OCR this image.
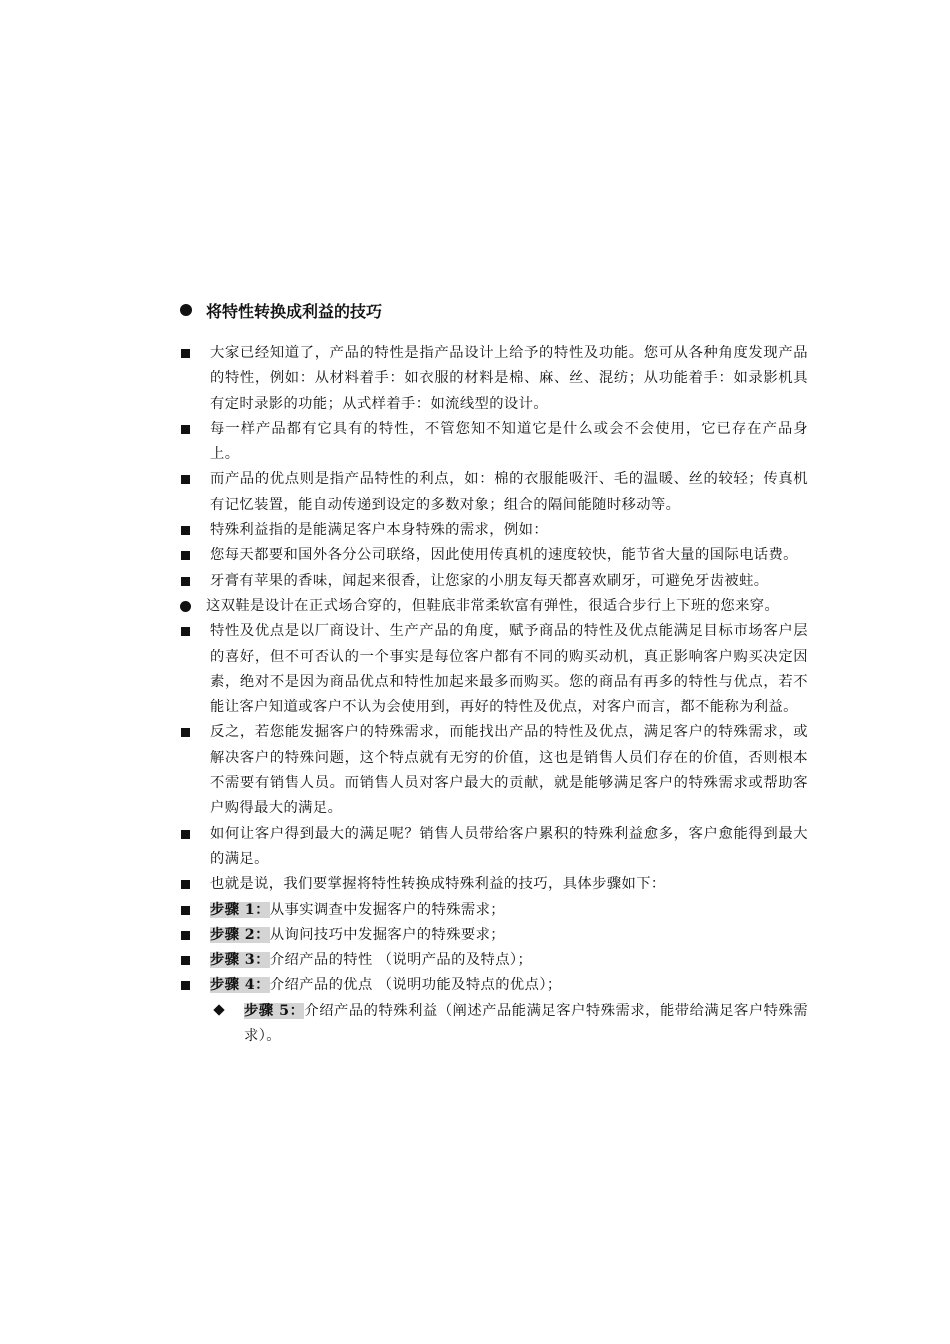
将特性转换成利益的技巧
大家已经知道了，产品的特性是指产品设计上给予的特性及功能。您可从各种角度发现产品的特性，例如：从材料着手：如衣服的材料是棉、麻、丝、混纺；从功能着手：如录影机具有定时录影的功能；从式样着手：如流线型的设计。
每一样产品都有它具有的特性，不管您知不知道它是什么或会不会使用，它已存在产品身上。
而产品的优点则是指产品特性的利点，如：棉的衣服能吸汗、毛的温暖、丝的较轻；传真机有记忆装置，能自动传递到设定的多数对象；组合的隔间能随时移动等。
特殊利益指的是能满足客户本身特殊的需求，例如：
您每天都要和国外各分公司联络，因此使用传真机的速度较快，能节省大量的国际电话费。
牙膏有苹果的香味，闻起来很香，让您家的小朋友每天都喜欢刷牙，可避免牙齿被蛀。
这双鞋是设计在正式场合穿的，但鞋底非常柔软富有弹性，很适合步行上下班的您来穿。
特性及优点是以厂商设计、生产产品的角度，赋予商品的特性及优点能满足目标市场客户层的喜好，但不可否认的一个事实是每位客户都有不同的购买动机，真正影响客户购买决定因素，绝对不是因为商品优点和特性加起来最多而购买。您的商品有再多的特性与优点，若不能让客户知道或客户不认为会使用到，再好的特性及优点，对客户而言，都不能称为利益。
反之，若您能发掘客户的特殊需求，而能找出产品的特性及优点，满足客户的特殊需求，或解决客户的特殊问题，这个特点就有无穷的价值，这也是销售人员们存在的价值，否则根本不需要有销售人员。而销售人员对客户最大的贡献，就是能够满足客户的特殊需求或帮助客户购得最大的满足。
如何让客户得到最大的满足呢？销售人员带给客户累积的特殊利益愈多，客户愈能得到最大的满足。
也就是说，我们要掌握将特性转换成特殊利益的技巧，具体步骤如下：
步骤 1：从事实调查中发掘客户的特殊需求；
步骤 2：从询问技巧中发掘客户的特殊要求；
步骤 3：介绍产品的特性 （说明产品的及特点）；
步骤 4：介绍产品的优点 （说明功能及特点的优点）；
步骤 5：介绍产品的特殊利益（阐述产品能满足客户特殊需求，能带给满足客户特殊需求）。
